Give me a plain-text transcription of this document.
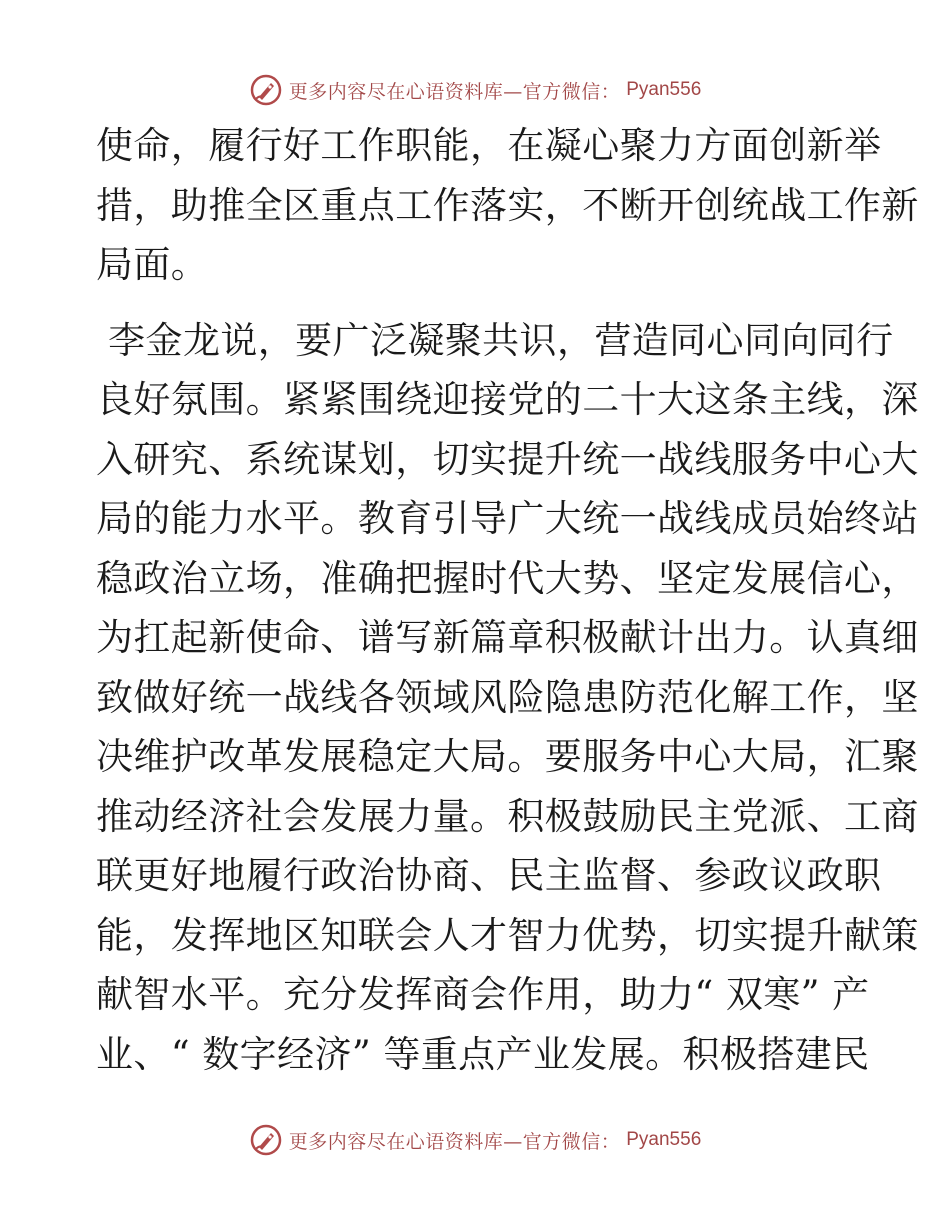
更多内容尽在心语资料库—官方微信： Pyan556
使命，履行好工作职能，在凝心聚力方面创新举
措，助推全区重点工作落实，不断开创统战工作新
局面。
李金龙说，要广泛凝聚共识，营造同心同向同行
良好氛围。紧紧围绕迎接党的二十大这条主线，深
入研究、系统谋划，切实提升统一战线服务中心大
局的能力水平。教育引导广大统一战线成员始终站
稳政治立场，准确把握时代大势、坚定发展信心，
为扛起新使命、谱写新篇章积极献计出力。认真细
致做好统一战线各领域风险隐患防范化解工作，坚
决维护改革发展稳定大局。要服务中心大局，汇聚
推动经济社会发展力量。积极鼓励民主党派、工商
联更好地履行政治协商、民主监督、参政议政职
能，发挥地区知联会人才智力优势，切实提升献策
献智水平。充分发挥商会作用，助力“ 双寒” 产
业、“ 数字经济” 等重点产业发展。积极搭建民
更多内容尽在心语资料库—官方微信： Pyan556
